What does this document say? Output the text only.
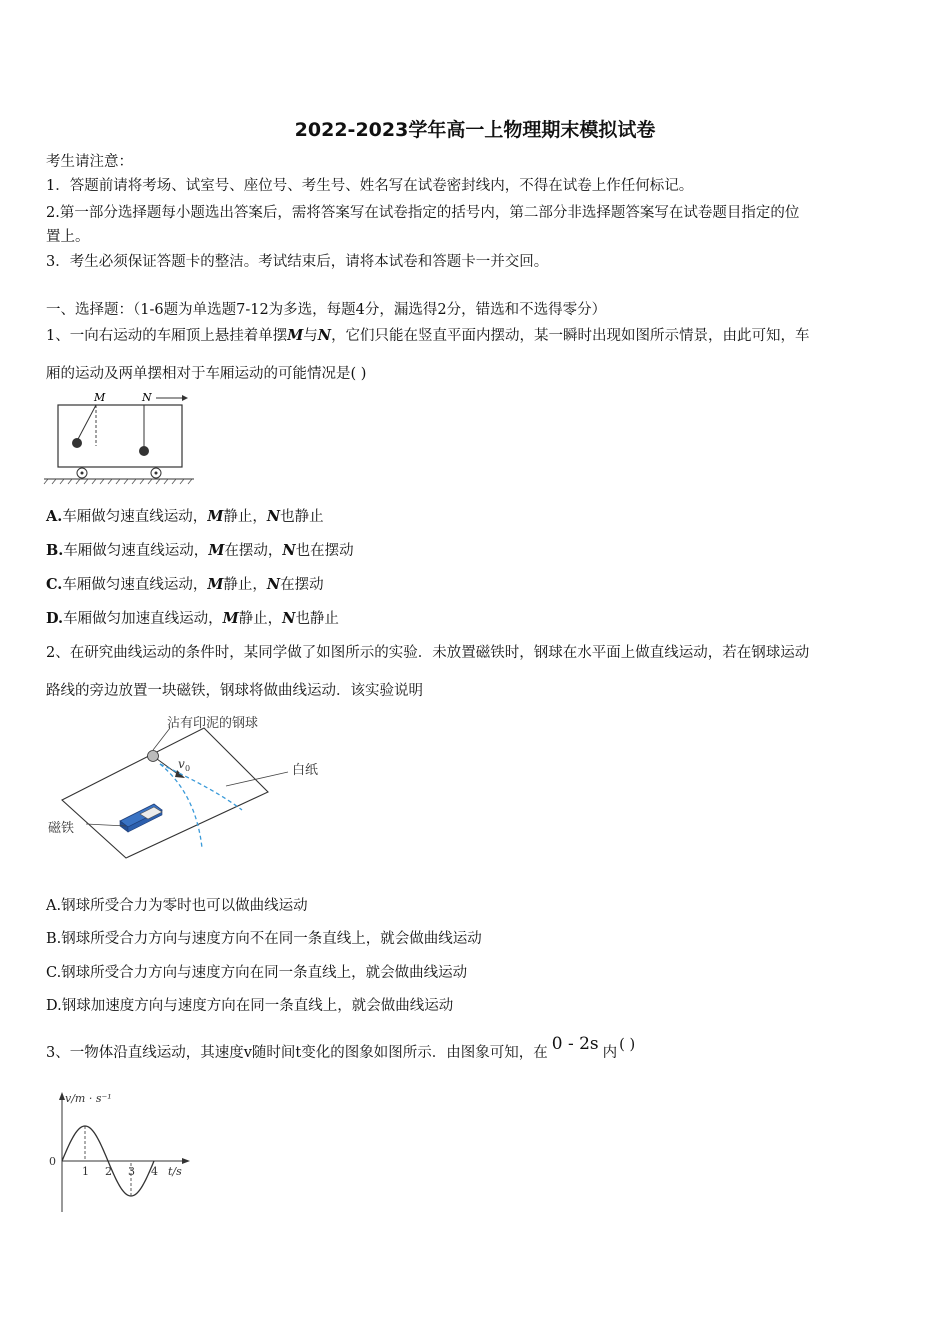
2022-2023学年高一上物理期末模拟试卷
考生请注意：
1．答题前请将考场、试室号、座位号、考生号、姓名写在试卷密封线内，不得在试卷上作任何标记。
2.第一部分选择题每小题选出答案后，需将答案写在试卷指定的括号内，第二部分非选择题答案写在试卷题目指定的位
置上。
3．考生必须保证答题卡的整洁。考试结束后，请将本试卷和答题卡一并交回。
一、选择题：（1-6题为单选题7-12为多选，每题4分，漏选得2分，错选和不选得零分）
1、一向右运动的车厢顶上悬挂着单摆M与N，它们只能在竖直平面内摆动，某一瞬时出现如图所示情景，由此可知，车
厢的运动及两单摆相对于车厢运动的可能情况是( )
M	N
A.车厢做匀速直线运动，M静止，N也静止
B.车厢做匀速直线运动，M在摆动，N也在摆动
C.车厢做匀速直线运动，M静止，N在摆动
D.车厢做匀加速直线运动，M静止，N也静止
2、在研究曲线运动的条件时，某同学做了如图所示的实验．未放置磁铁时，钢球在水平面上做直线运动，若在钢球运动
路线的旁边放置一块磁铁，钢球将做曲线运动．该实验说明
沾有印泥的钢球
v 0	白纸
磁铁
A.钢球所受合力为零时也可以做曲线运动
B.钢球所受合力方向与速度方向不在同一条直线上，就会做曲线运动
C.钢球所受合力方向与速度方向在同一条直线上，就会做曲线运动
D.钢球加速度方向与速度方向在同一条直线上，就会做曲线运动
3、一物体沿直线运动，其速度v随时间t变化的图象如图所示．由图象可知，在 0 - 2s 内 ( )
v/m · s⁻¹
t/s
0
1 2 3 4
